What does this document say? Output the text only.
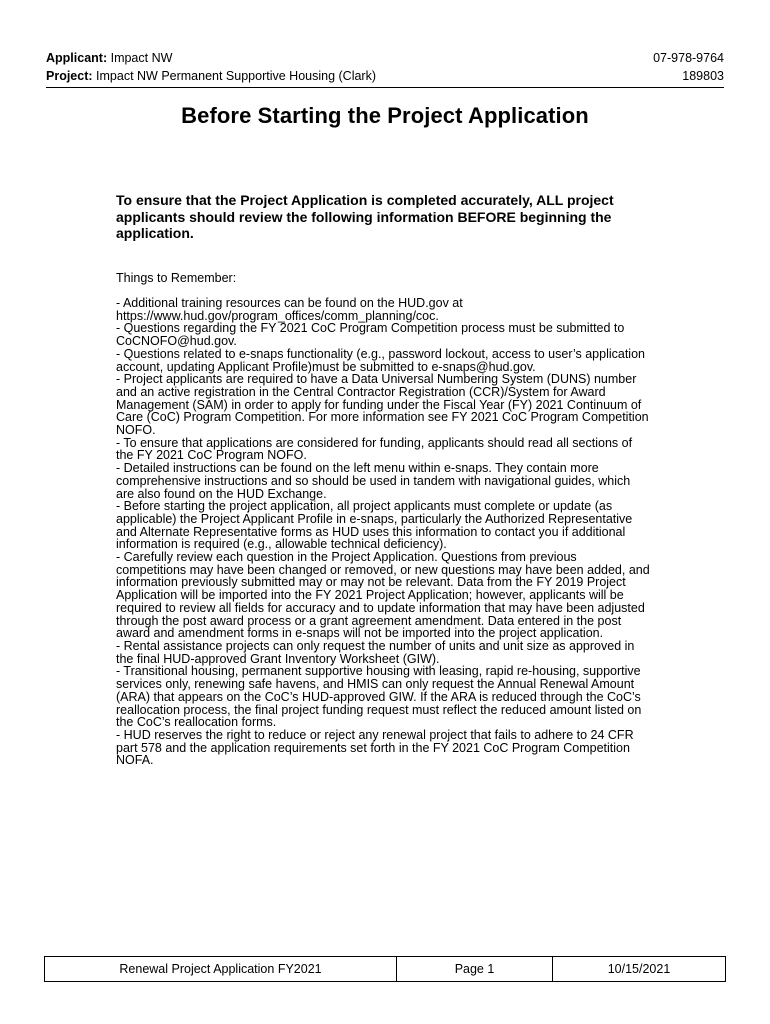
Applicant: Impact NW	07-978-9764
Project: Impact NW Permanent Supportive Housing (Clark)	189803
Before Starting the Project Application
To ensure that the Project Application is completed accurately, ALL project applicants should review the following information BEFORE beginning the application.
Things to Remember:
- Additional training resources can be found on the HUD.gov at
https://www.hud.gov/program_offices/comm_planning/coc.
- Questions regarding the FY 2021 CoC Program Competition process must be submitted to
CoCNOFO@hud.gov.
- Questions related to e-snaps functionality (e.g., password lockout, access to user’s application
account, updating Applicant Profile)must be submitted to e-snaps@hud.gov.
- Project applicants are required to have a Data Universal Numbering System (DUNS) number
and an active registration in the Central Contractor Registration (CCR)/System for Award
Management (SAM) in order to apply for funding under the Fiscal Year (FY) 2021 Continuum of
Care (CoC) Program Competition. For more information see FY 2021 CoC Program Competition
NOFO.
- To ensure that applications are considered for funding, applicants should read all sections of
the FY 2021 CoC Program NOFO.
- Detailed instructions can be found on the left menu within e-snaps. They contain more
comprehensive instructions and so should be used in tandem with navigational guides, which
are also found on the HUD Exchange.
- Before starting the project application, all project applicants must complete or update (as
applicable) the Project Applicant Profile in e-snaps, particularly the Authorized Representative
and Alternate Representative forms as HUD uses this information to contact you if additional
information is required (e.g., allowable technical deficiency).
- Carefully review each question in the Project Application. Questions from previous
competitions may have been changed or removed, or new questions may have been added, and
information previously submitted may or may not be relevant. Data from the FY 2019 Project
Application will be imported into the FY 2021 Project Application; however, applicants will be
required to review all fields for accuracy and to update information that may have been adjusted
through the post award process or a grant agreement amendment. Data entered in the post
award and amendment forms in e-snaps will not be imported into the project application.
- Rental assistance projects can only request the number of units and unit size as approved in
the final HUD-approved Grant Inventory Worksheet (GIW).
- Transitional housing, permanent supportive housing with leasing, rapid re-housing, supportive
services only, renewing safe havens, and HMIS can only request the Annual Renewal Amount
(ARA) that appears on the CoC’s HUD-approved GIW. If the ARA is reduced through the CoC’s
reallocation process, the final project funding request must reflect the reduced amount listed on
the CoC’s reallocation forms.
- HUD reserves the right to reduce or reject any renewal project that fails to adhere to 24 CFR
part 578 and the application requirements set forth in the FY 2021 CoC Program Competition
NOFA.
Renewal Project Application FY2021	Page 1	10/15/2021
